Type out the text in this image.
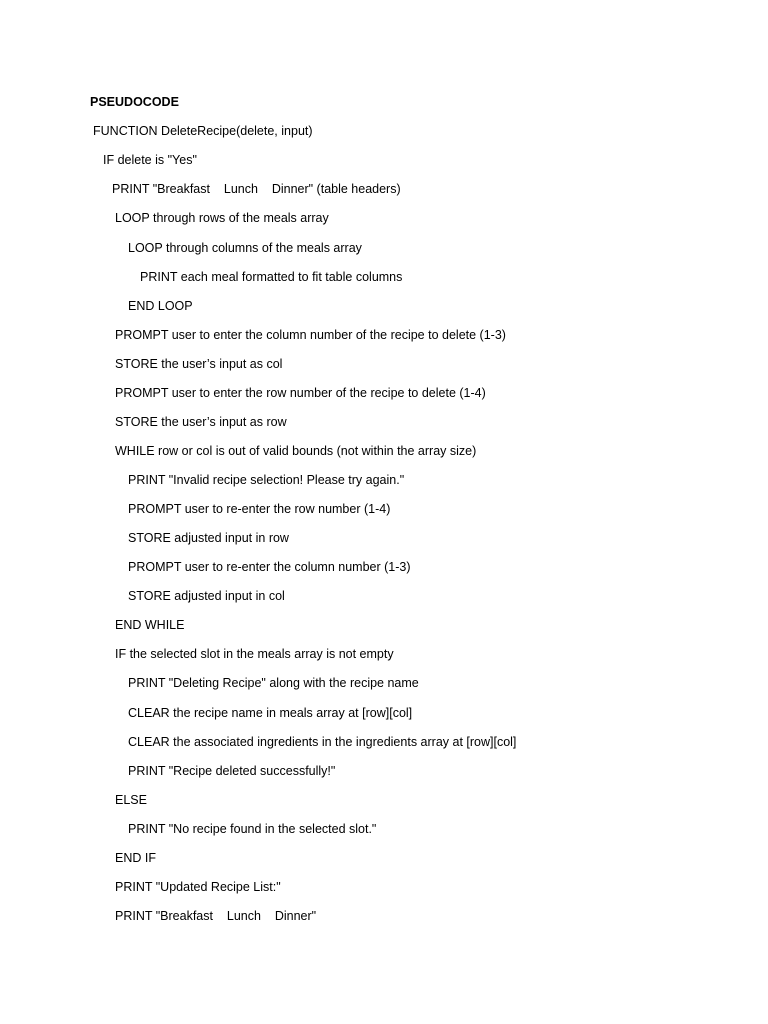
PSEUDOCODE
FUNCTION DeleteRecipe(delete, input)
IF delete is "Yes"
PRINT "Breakfast    Lunch    Dinner" (table headers)
LOOP through rows of the meals array
LOOP through columns of the meals array
PRINT each meal formatted to fit table columns
END LOOP
PROMPT user to enter the column number of the recipe to delete (1-3)
STORE the user’s input as col
PROMPT user to enter the row number of the recipe to delete (1-4)
STORE the user’s input as row
WHILE row or col is out of valid bounds (not within the array size)
PRINT "Invalid recipe selection! Please try again."
PROMPT user to re-enter the row number (1-4)
STORE adjusted input in row
PROMPT user to re-enter the column number (1-3)
STORE adjusted input in col
END WHILE
IF the selected slot in the meals array is not empty
PRINT "Deleting Recipe" along with the recipe name
CLEAR the recipe name in meals array at [row][col]
CLEAR the associated ingredients in the ingredients array at [row][col]
PRINT "Recipe deleted successfully!"
ELSE
PRINT "No recipe found in the selected slot."
END IF
PRINT "Updated Recipe List:"
PRINT "Breakfast    Lunch    Dinner"
